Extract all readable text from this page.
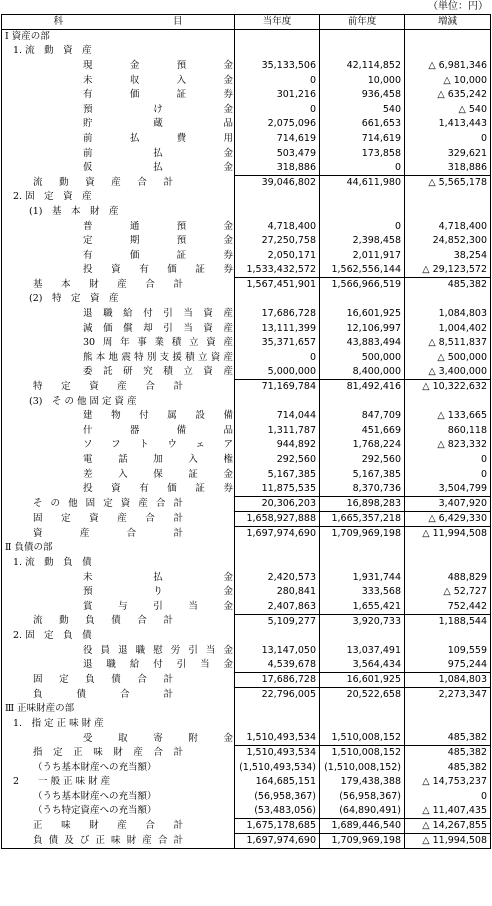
（単位：円）
科 目	当年度	前年度	増減
Ⅰ 資産の部			
1. 流　動　資　産			
現金預金	35,133,506	42,114,852	△ 6,981,346
未収入金	0	10,000	△ 10,000
有価証券	301,216	936,458	△ 635,242
預け金	0	540	△ 540
貯蔵品	2,075,096	661,653	1,413,443
前払費用	714,619	714,619	0
前払金	503,479	173,858	329,621
仮払金	318,886	0	318,886
流動資産合計	39,046,802	44,611,980	△ 5,565,178
2. 固　定　資　産			
(1)　基　本　財　産			
普通預金	4,718,400	0	4,718,400
定期預金	27,250,758	2,398,458	24,852,300
有価証券	2,050,171	2,011,917	38,254
投資有価証券	1,533,432,572	1,562,556,144	△ 29,123,572
基本財産合計	1,567,451,901	1,566,966,519	485,382
(2)　特　定　資　産			
退職給付引当資産	17,686,728	16,601,925	1,084,803
減価償却引当資産	13,111,399	12,106,997	1,004,402
30周年事業積立資産	35,371,657	43,883,494	△ 8,511,837
熊本地震特別支援積立資産	0	500,000	△ 500,000
委託研究積立資産	5,000,000	8,400,000	△ 3,400,000
特定資産合計	71,169,784	81,492,416	△ 10,322,632
(3)　そ の 他 固 定 資 産			
建物付属設備	714,044	847,709	△ 133,665
什器備品	1,311,787	451,669	860,118
ソフトウェア	944,892	1,768,224	△ 823,332
電話加入権	292,560	292,560	0
差入保証金	5,167,385	5,167,385	0
投資有価証券	11,875,535	8,370,736	3,504,799
その他固定資産合計	20,306,203	16,898,283	3,407,920
固定資産合計	1,658,927,888	1,665,357,218	△ 6,429,330
資産合計	1,697,974,690	1,709,969,198	△ 11,994,508
Ⅱ 負債の部			
1. 流　動　負　債			
未払金	2,420,573	1,931,744	488,829
預り金	280,841	333,568	△ 52,727
賞与引当金	2,407,863	1,655,421	752,442
流動負債合計	5,109,277	3,920,733	1,188,544
2. 固　定　負　債			
役員退職慰労引当金	13,147,050	13,037,491	109,559
退職給付引当金	4,539,678	3,564,434	975,244
固定負債合計	17,686,728	16,601,925	1,084,803
負債合計	22,796,005	20,522,658	2,273,347
Ⅲ 正味財産の部			
1.　指 定 正 味 財 産			
受取寄附金	1,510,493,534	1,510,008,152	485,382
指定正味財産合計	1,510,493,534	1,510,008,152	485,382
（うち基本財産への充当額）	(1,510,493,534)	(1,510,008,152)	485,382
2　　一 般 正 味 財 産	164,685,151	179,438,388	△ 14,753,237
（うち基本財産への充当額）	(56,958,367)	(56,958,367)	0
（うち特定資産への充当額）	(53,483,056)	(64,890,491)	△ 11,407,435
正味財産合計	1,675,178,685	1,689,446,540	△ 14,267,855
負債及び正味財産合計	1,697,974,690	1,709,969,198	△ 11,994,508
